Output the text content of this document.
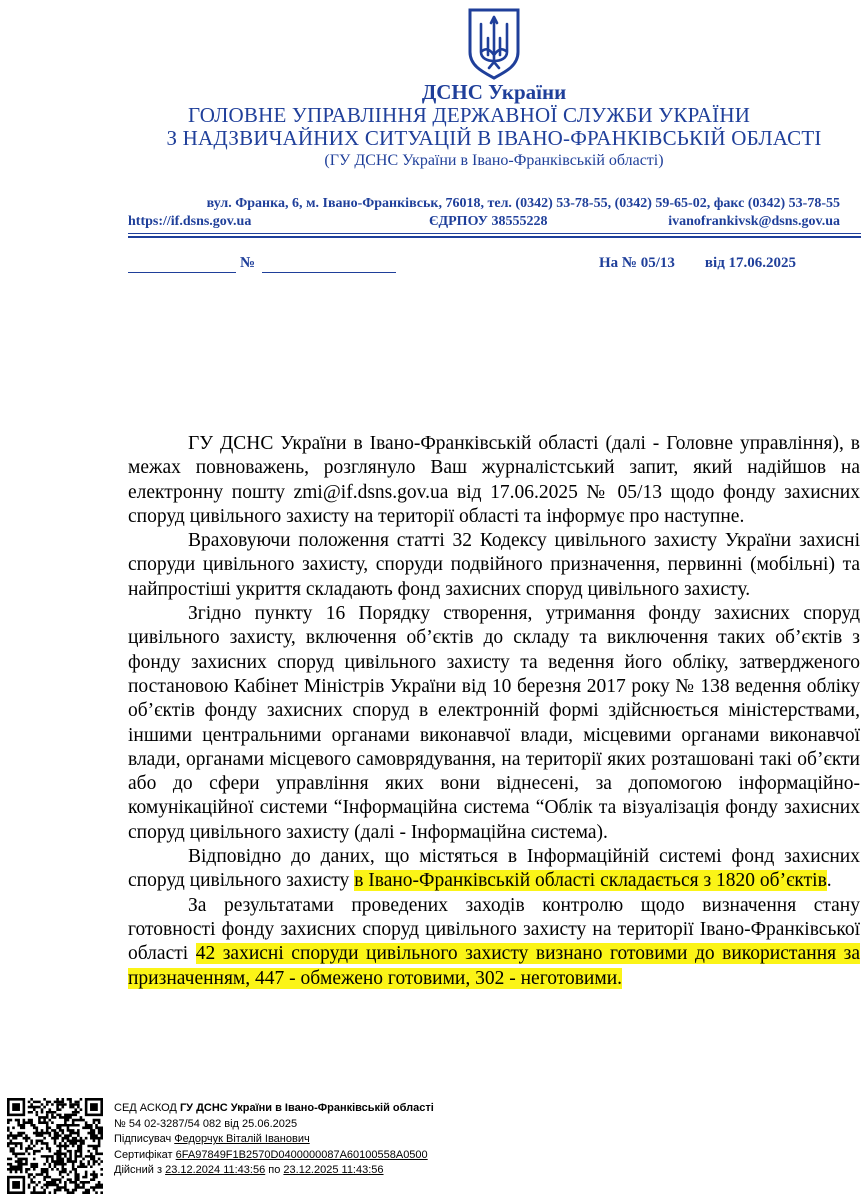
ДСНС України
ГОЛОВНЕ УПРАВЛІННЯ ДЕРЖАВНОЇ СЛУЖБИ УКРАЇНИ
З НАДЗВИЧАЙНИХ СИТУАЦІЙ В ІВАНО-ФРАНКІВСЬКІЙ ОБЛАСТІ
(ГУ ДСНС України в Івано-Франківській області)
вул. Франка, 6, м. Івано-Франківськ, 76018, тел. (0342) 53-78-55, (0342) 59-65-02, факс (0342) 53-78-55
https://if.dsns.gov.ua	ЄДРПОУ 38555228	ivanofrankivsk@dsns.gov.ua
№	На № 05/13 від 17.06.2025

ГУ ДСНС України в Івано-Франківській області (далі - Головне управління), в межах повноважень, розглянуло Ваш журналістський запит, який надійшов на електронну пошту zmi@if.dsns.gov.ua від 17.06.2025 № 05/13 щодо фонду захисних споруд цивільного захисту на території області та інформує про наступне.

Враховуючи положення статті 32 Кодексу цивільного захисту України захисні споруди цивільного захисту, споруди подвійного призначення, первинні (мобільні) та найпростіші укриття складають фонд захисних споруд цивільного захисту.

Згідно пункту 16 Порядку створення, утримання фонду захисних споруд цивільного захисту, включення об’єктів до складу та виключення таких об’єктів з фонду захисних споруд цивільного захисту та ведення його обліку, затвердженого постановою Кабінет Міністрів України від 10 березня 2017 року № 138 ведення обліку об’єктів фонду захисних споруд в електронній формі здійснюється міністерствами, іншими центральними органами виконавчої влади, місцевими органами виконавчої влади, органами місцевого самоврядування, на території яких розташовані такі об’єкти або до сфери управління яких вони віднесені, за допомогою інформаційно-комунікаційної системи “Інформаційна система “Облік та візуалізація фонду захисних споруд цивільного захисту (далі - Інформаційна система).

Відповідно до даних, що містяться в Інформаційній системі фонд захисних споруд цивільного захисту в Івано-Франківській області складається з 1820 об’єктів.

За результатами проведених заходів контролю щодо визначення стану готовності фонду захисних споруд цивільного захисту на території Івано-Франківської області 42 захисні споруди цивільного захисту визнано готовими до використання за призначенням, 447 - обмежено готовими, 302 - неготовими.

СЕД АСКОД ГУ ДСНС України в Івано-Франківській області
№ 54 02-3287/54 082 від 25.06.2025
Підписувач Федорчук Віталій Іванович
Сертифікат 6FA97849F1B2570D0400000087A60100558A0500
Дійсний з 23.12.2024 11:43:56 по 23.12.2025 11:43:56
